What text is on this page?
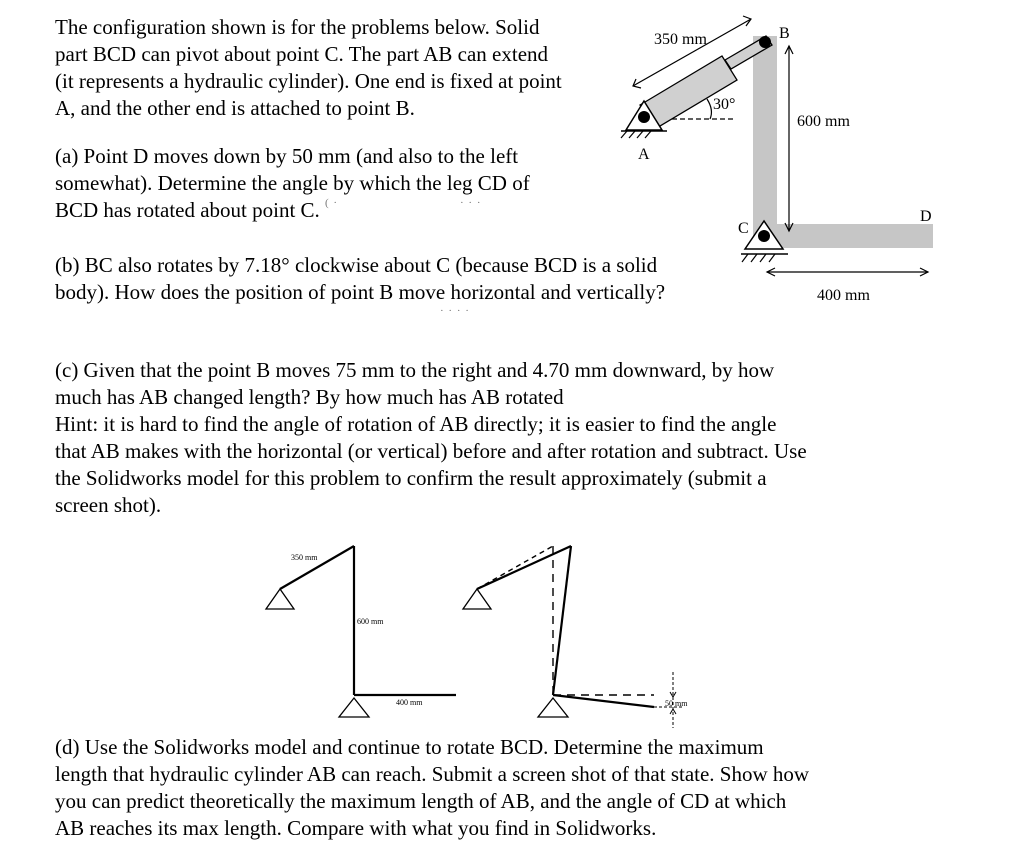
The configuration shown is for the problems below. Solid
part BCD can pivot about point C. The part AB can extend
(it represents a hydraulic cylinder). One end is fixed at point
A, and the other end is attached to point B.
(a) Point D moves down by 50 mm (and also to the left
somewhat). Determine the angle by which the leg CD of
BCD has rotated about point C.
(b) BC also rotates by 7.18° clockwise about C (because BCD is a solid
body). How does the position of point B move horizontal and vertically?
(c) Given that the point B moves 75 mm to the right and 4.70 mm downward, by how
much has AB changed length? By how much has AB rotated
Hint: it is hard to find the angle of rotation of AB directly; it is easier to find the angle
that AB makes with the horizontal (or vertical) before and after rotation and subtract. Use
the Solidworks model for this problem to confirm the result approximately (submit a
screen shot).
(d) Use the Solidworks model and continue to rotate BCD. Determine the maximum
length that hydraulic cylinder AB can reach. Submit a screen shot of that state. Show how
you can predict theoretically the maximum length of AB, and the angle of CD at which
AB reaches its max length. Compare with what you find in Solidworks.
( ·	· · ·
· · · ·
350 mm
30°
600 mm
400 mm
A
B
C
D
350 mm
600 mm
400 mm	50 mm
